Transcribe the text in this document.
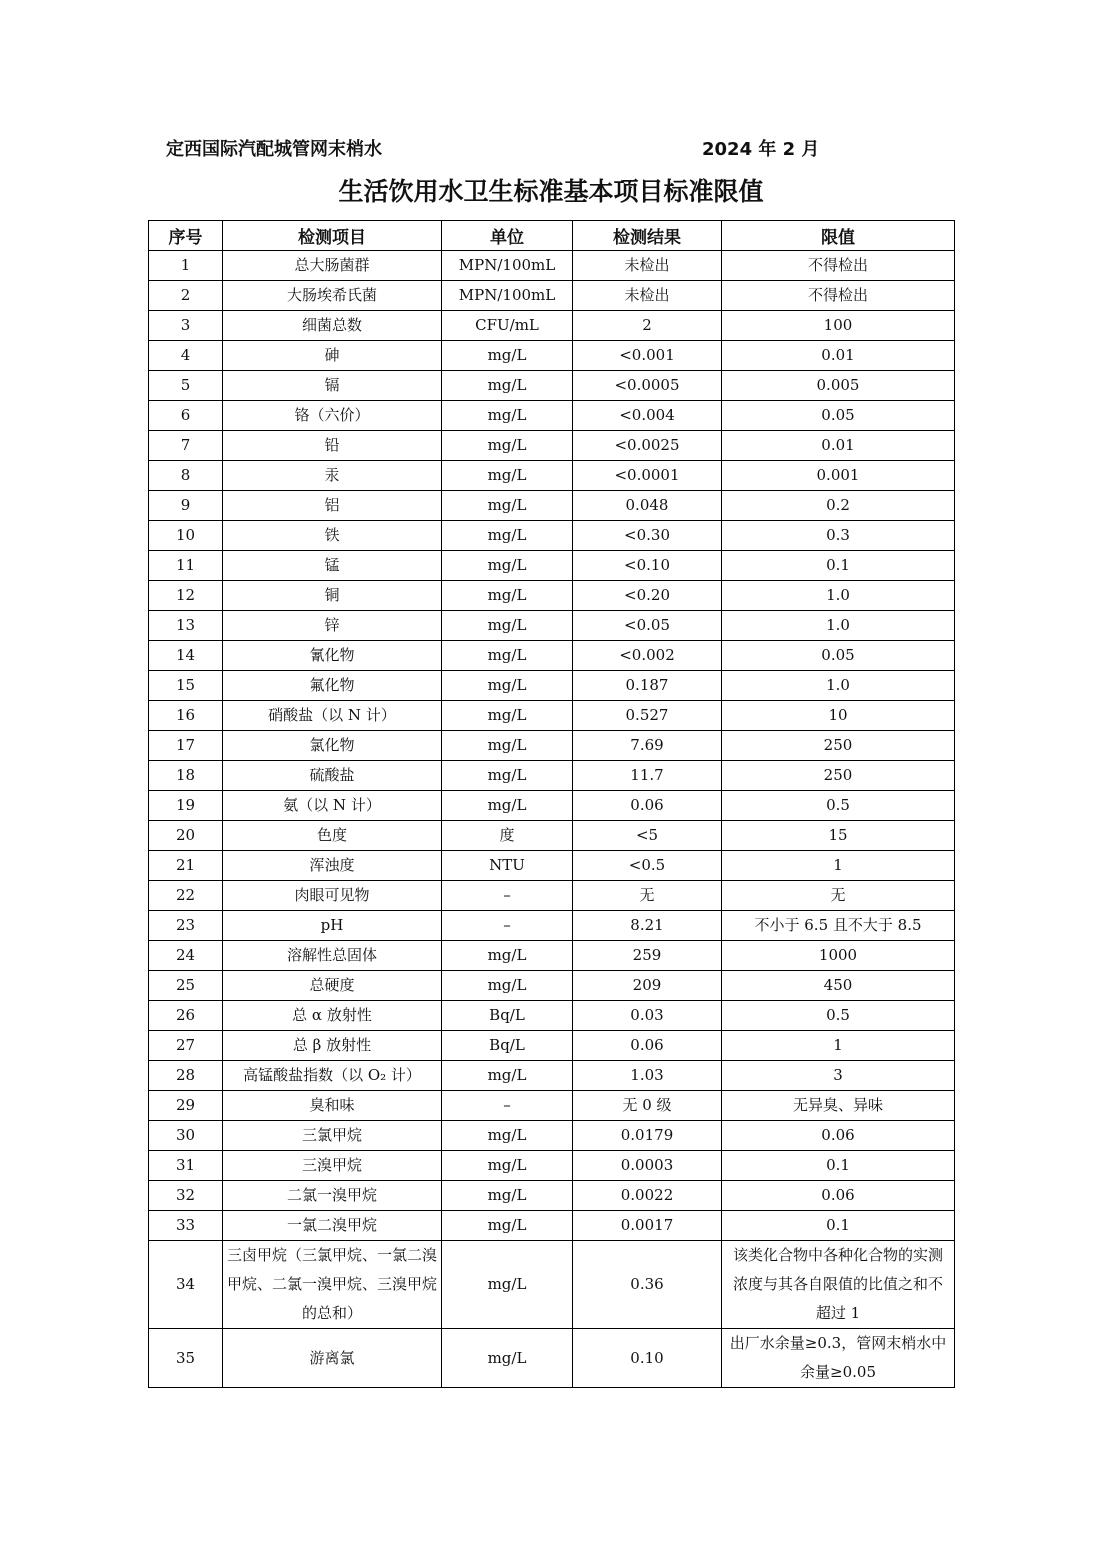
定西国际汽配城管网末梢水	2024 年 2 月
生活饮用水卫生标准基本项目标准限值
序号	检测项目	单位	检测结果	限值
1	总大肠菌群	MPN/100mL	未检出	不得检出
2	大肠埃希氏菌	MPN/100mL	未检出	不得检出
3	细菌总数	CFU/mL	2	100
4	砷	mg/L	<0.001	0.01
5	镉	mg/L	<0.0005	0.005
6	铬（六价）	mg/L	<0.004	0.05
7	铅	mg/L	<0.0025	0.01
8	汞	mg/L	<0.0001	0.001
9	铝	mg/L	0.048	0.2
10	铁	mg/L	<0.30	0.3
11	锰	mg/L	<0.10	0.1
12	铜	mg/L	<0.20	1.0
13	锌	mg/L	<0.05	1.0
14	氰化物	mg/L	<0.002	0.05
15	氟化物	mg/L	0.187	1.0
16	硝酸盐（以 N 计）	mg/L	0.527	10
17	氯化物	mg/L	7.69	250
18	硫酸盐	mg/L	11.7	250
19	氨（以 N 计）	mg/L	0.06	0.5
20	色度	度	<5	15
21	浑浊度	NTU	<0.5	1
22	肉眼可见物	–	无	无
23	pH	–	8.21	不小于 6.5 且不大于 8.5
24	溶解性总固体	mg/L	259	1000
25	总硬度	mg/L	209	450
26	总 α 放射性	Bq/L	0.03	0.5
27	总 β 放射性	Bq/L	0.06	1
28	高锰酸盐指数（以 O₂ 计）	mg/L	1.03	3
29	臭和味	–	无 0 级	无异臭、异味
30	三氯甲烷	mg/L	0.0179	0.06
31	三溴甲烷	mg/L	0.0003	0.1
32	二氯一溴甲烷	mg/L	0.0022	0.06
33	一氯二溴甲烷	mg/L	0.0017	0.1
34	三卤甲烷（三氯甲烷、一氯二溴甲烷、二氯一溴甲烷、三溴甲烷的总和）	mg/L	0.36	该类化合物中各种化合物的实测浓度与其各自限值的比值之和不超过 1
35	游离氯	mg/L	0.10	出厂水余量≥0.3，管网末梢水中余量≥0.05
